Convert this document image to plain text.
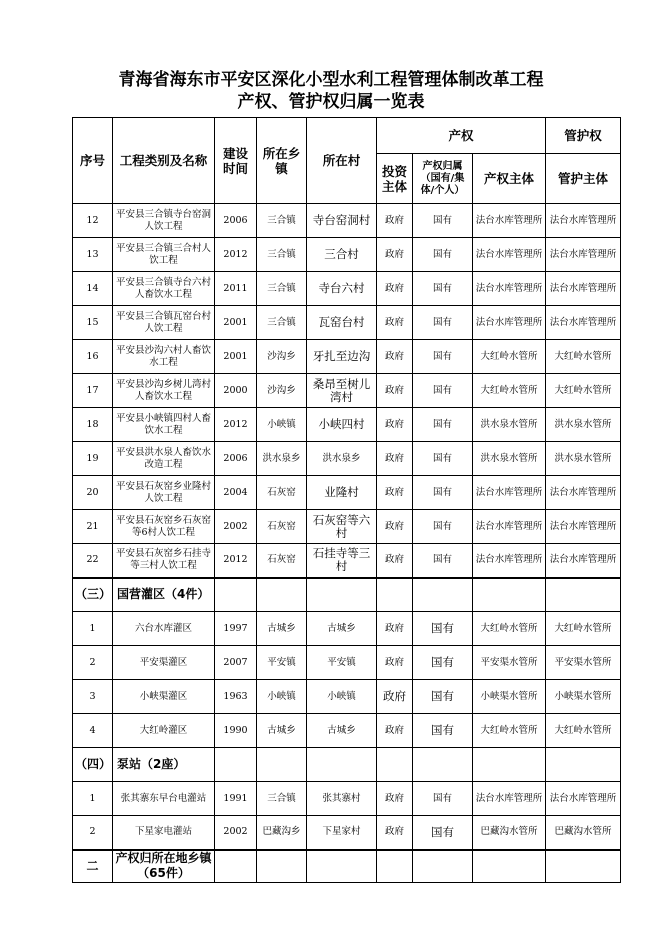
青海省海东市平安区深化小型水利工程管理体制改革工程
产权、管护权归属一览表
序号	工程类别及名称	建设时间	所在乡镇	所在村	产权			管护权
					投资主体	产权归属（国有/集体/个人）	产权主体	管护主体
12	平安县三合镇寺台窑洞人饮工程	2006	三合镇	寺台窑洞村	政府	国有	法台水库管理所	法台水库管理所
13	平安县三合镇三合村人饮工程	2012	三合镇	三合村	政府	国有	法台水库管理所	法台水库管理所
14	平安县三合镇寺台六村人畜饮水工程	2011	三合镇	寺台六村	政府	国有	法台水库管理所	法台水库管理所
15	平安县三合镇瓦窑台村人饮工程	2001	三合镇	瓦窑台村	政府	国有	法台水库管理所	法台水库管理所
16	平安县沙沟六村人畜饮水工程	2001	沙沟乡	牙扎至边沟	政府	国有	大红岭水管所	大红岭水管所
17	平安县沙沟乡树儿湾村人畜饮水工程	2000	沙沟乡	桑昂至树儿湾村	政府	国有	大红岭水管所	大红岭水管所
18	平安县小峡镇四村人畜饮水工程	2012	小峡镇	小峡四村	政府	国有	洪水泉水管所	洪水泉水管所
19	平安县洪水泉人畜饮水改造工程	2006	洪水泉乡	洪水泉乡	政府	国有	洪水泉水管所	洪水泉水管所
20	平安县石灰窑乡业隆村人饮工程	2004	石灰窑	业隆村	政府	国有	法台水库管理所	法台水库管理所
21	平安县石灰窑乡石灰窑等6村人饮工程	2002	石灰窑	石灰窑等六村	政府	国有	法台水库管理所	法台水库管理所
22	平安县石灰窑乡石挂寺等三村人饮工程	2012	石灰窑	石挂寺等三村	政府	国有	法台水库管理所	法台水库管理所
（三）	国营灌区（4件）							
1	六台水库灌区	1997	古城乡	古城乡	政府	国有	大红岭水管所	大红岭水管所
2	平安渠灌区	2007	平安镇	平安镇	政府	国有	平安渠水管所	平安渠水管所
3	小峡渠灌区	1963	小峡镇	小峡镇	政府	国有	小峡渠水管所	小峡渠水管所
4	大红岭灌区	1990	古城乡	古城乡	政府	国有	大红岭水管所	大红岭水管所
（四）	泵站（2座）							
1	张其寨东早台电灌站	1991	三合镇	张其寨村	政府	国有	法台水库管理所	法台水库管理所
2	下星家电灌站	2002	巴藏沟乡	下星家村	政府	国有	巴藏沟水管所	巴藏沟水管所
二	产权归所在地乡镇（65件）							
